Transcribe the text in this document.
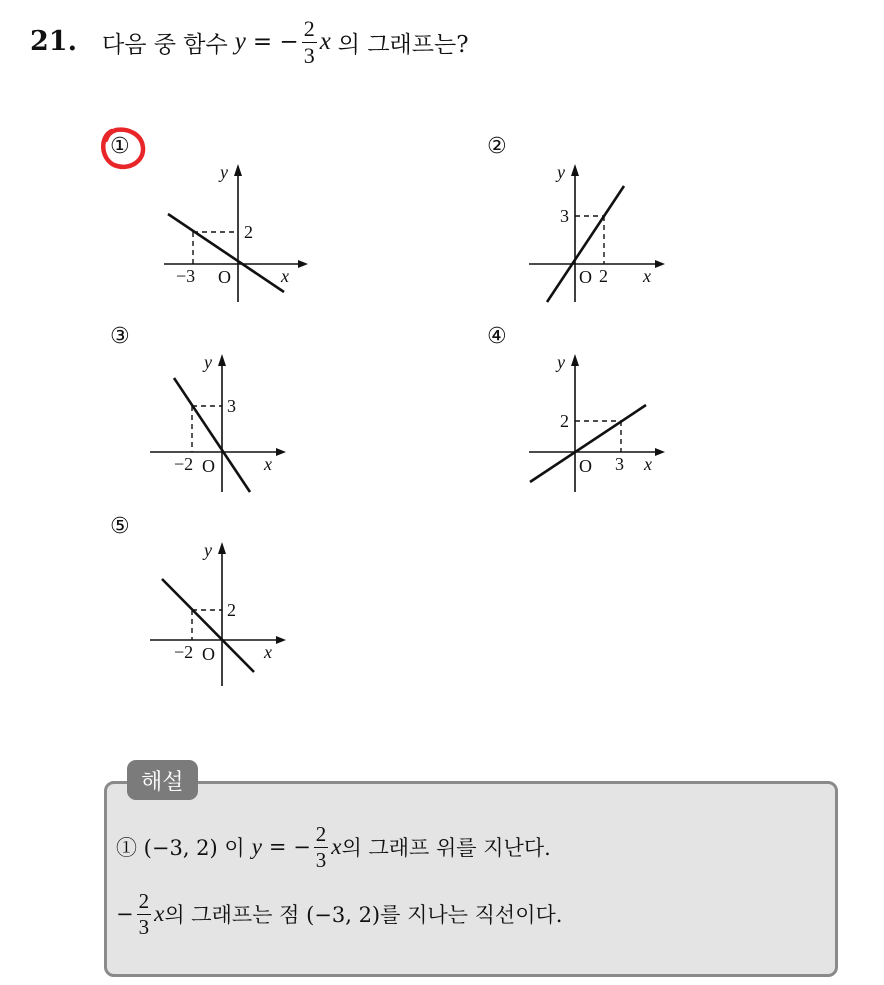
21. 다음 중 함수 y = − $\frac{2}{3}$ x 의 그래프는?
①	②
③	④
⑤
y
x
2
−3 O
y
x
3
2
O
y
x
3
−2 O
y
x
2
3
O
y
x
2
−2 O
해설
① (−3, 2) 이 y = − $\frac{2}{3}$ x 의 그래프 위를 지난다.
− $\frac{2}{3}$ x 의 그래프는 점 (−3, 2)를 지나는 직선이다.
